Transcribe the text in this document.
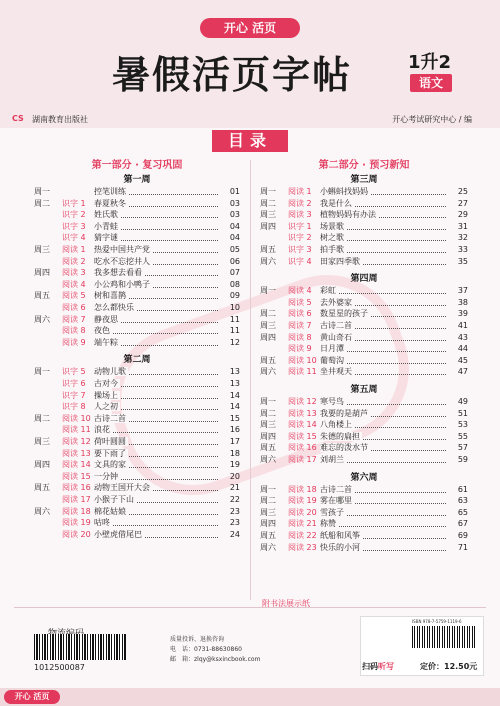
开心 活页
暑假活页字帖	1升2
语文
CS	湖南教育出版社	开心考试研究中心 / 编
目录
第一部分 · 复习巩固
第一周
周一	控笔训练	01
周二	识字 1	春夏秋冬	03
识字 2	姓氏歌	03
识字 3	小青蛙	04
识字 4	猜字谜	04
周三	阅读 1	热爱中国共产党	05
阅读 2	吃水不忘挖井人	06
周四	阅读 3	我多想去看看	07
阅读 4	小公鸡和小鸭子	08
周五	阅读 5	树和喜鹊	09
阅读 6	怎么都快乐	10
周六	阅读 7	静夜思	11
阅读 8	夜色	11
阅读 9	端午粽	12
第二周
周一	识字 5	动物儿歌	13
识字 6	古对今	13
识字 7	操场上	14
识字 8	人之初	14
周二	阅读 10 古诗二首	15
阅读 11 浪花	16
周三	阅读 12 荷叶圆圆	17
阅读 13 要下雨了	18
周四	阅读 14 文具的家	19
阅读 15 一分钟	20
周五	阅读 16 动物王国开大会	21
阅读 17 小猴子下山	22
周六	阅读 18 棉花姑娘	23
阅读 19 咕咚	23
阅读 20 小壁虎借尾巴	24
第二部分 · 预习新知
第三周
周一	阅读 1	小蝌蚪找妈妈	25
周二	阅读 2	我是什么	27
周三	阅读 3	植物妈妈有办法	29
周四	识字 1	场景歌	31
识字 2	树之歌	32
周五	识字 3	拍手歌	33
周六	识字 4	田家四季歌	35
第四周
周一	阅读 4	彩虹	37
阅读 5	去外婆家	38
周二	阅读 6	数星星的孩子	39
周三	阅读 7	古诗二首	41
周四	阅读 8	黄山奇石	43
阅读 9	日月潭	44
周五	阅读 10 葡萄沟	45
周六	阅读 11 坐井观天	47
第五周
周一	阅读 12 寒号鸟	49
周二	阅读 13 我要的是葫芦	51
周三	阅读 14 八角楼上	53
周四	阅读 15 朱德的扁担	55
周五	阅读 16 难忘的泼水节	57
周六	阅读 17 刘胡兰	59
第六周
周一	阅读 18 古诗二首	61
周二	阅读 19 雾在哪里	63
周三	阅读 20 雪孩子	65
周四	阅读 21 称赞	67
周五	阅读 22 纸船和风筝	69
周六	阅读 23 快乐的小河	71
附书法展示纸
1012500087
质量投诉、退换咨询
电　话：0731-88630860
邮　箱：zlqy@ksxincbook.com
ISBN 978-7-5759-1119-6
扫码听写	定价：12.50元
开心 活页
